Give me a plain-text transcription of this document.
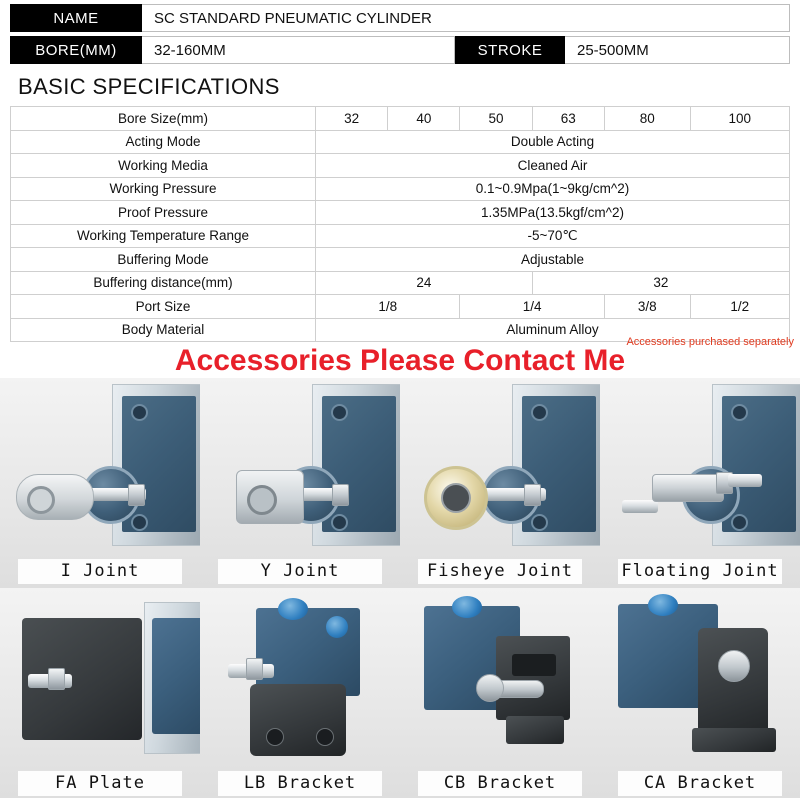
NAME	SC STANDARD PNEUMATIC CYLINDER
BORE(MM)	32-160MM	STROKE	25-500MM
BASIC SPECIFICATIONS
Bore Size(mm)	32	40	50	63	80	100
Acting Mode	Double Acting					
Working Media	Cleaned Air					
Working Pressure	0.1~0.9Mpa(1~9kg/cm^2)					
Proof Pressure	1.35MPa(13.5kgf/cm^2)					
Working Temperature Range	-5~70℃					
Buffering Mode	Adjustable					
Buffering distance(mm)	24			32		
Port Size	1/8		1/4		3/8	1/2
Body Material	Aluminum Alloy					
Accessories purchased separately
Accessories Please Contact Me
I Joint	Y Joint	Fisheye Joint	Floating Joint
FA Plate	LB Bracket	CB Bracket	CA Bracket
